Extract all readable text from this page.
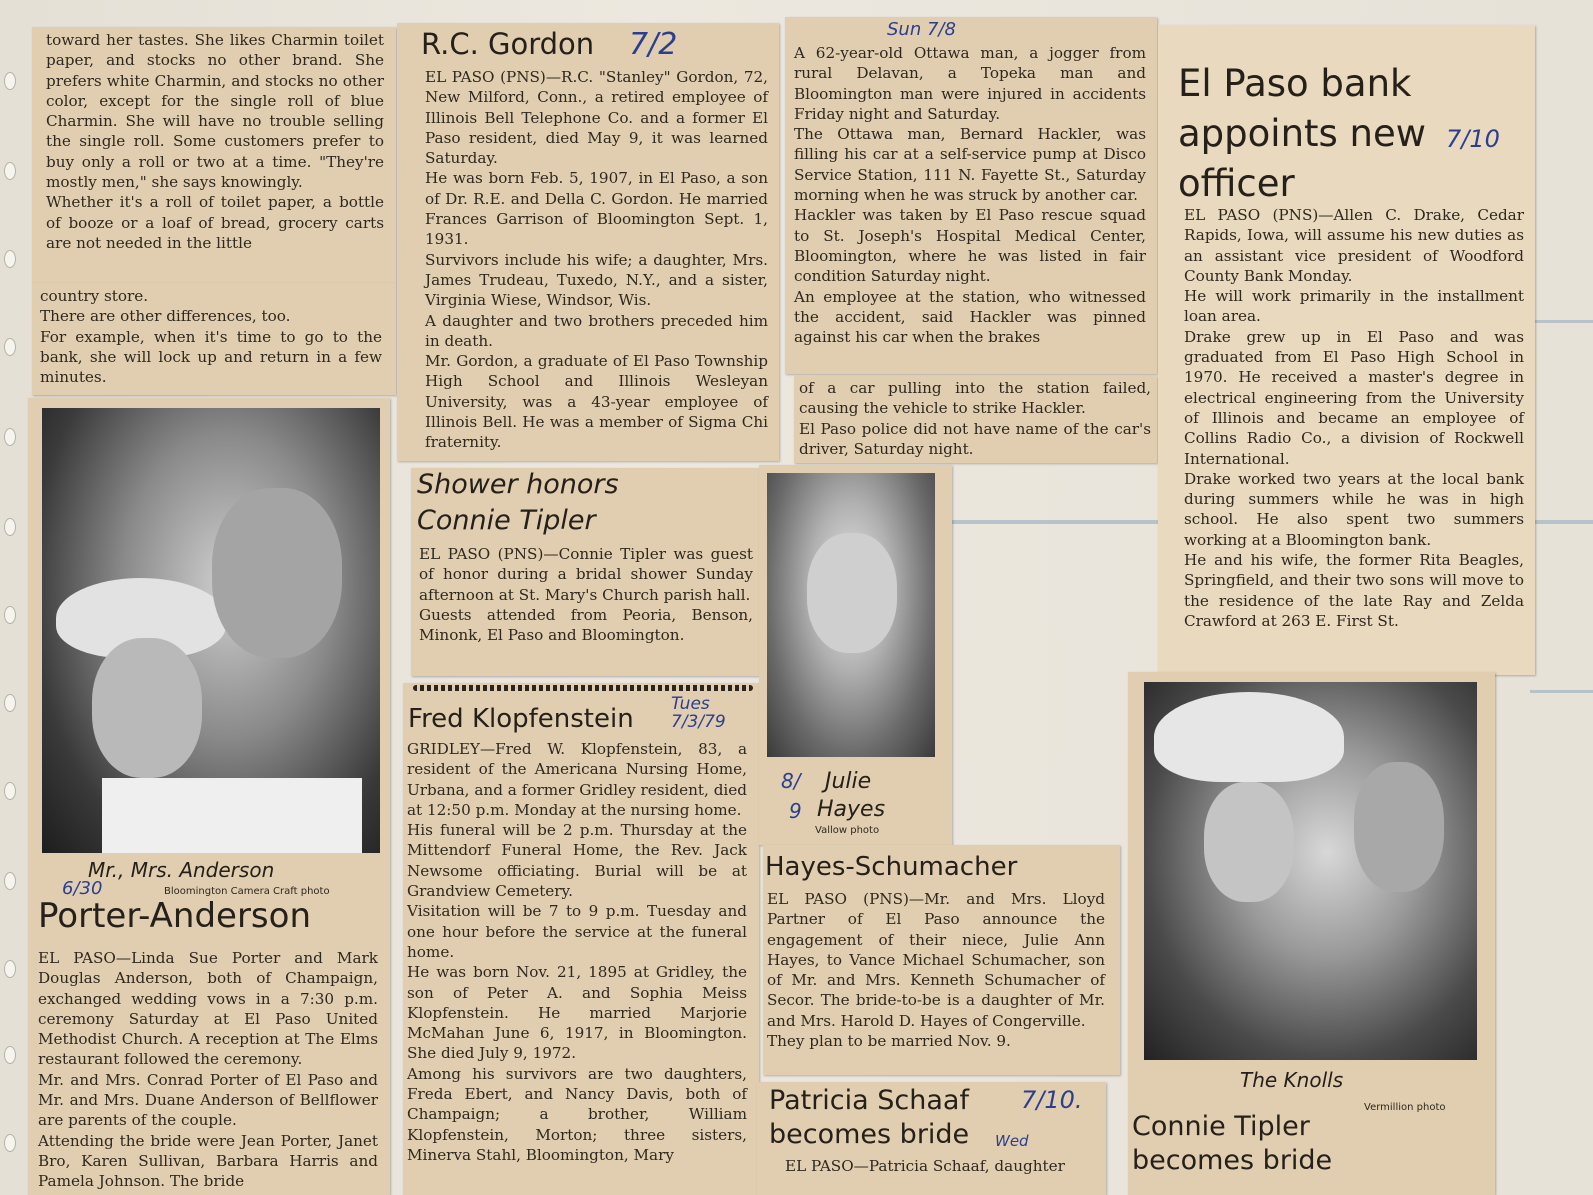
toward her tastes. She likes Charmin toilet paper, and stocks no other brand. She prefers white Charmin, and stocks no other color, except for the single roll of blue Charmin. She will have no trouble selling the single roll. Some customers prefer to buy only a roll or two at a time. "They're mostly men," she says knowingly.
Whether it's a roll of toilet paper, a bottle of booze or a loaf of bread, grocery carts are not needed in the little

country store.
There are other differences, too.
For example, when it's time to go to the bank, she will lock up and return in a few minutes.

R.C. Gordon 7/2

EL PASO (PNS)—R.C. "Stanley" Gordon, 72, New Milford, Conn., a retired employee of Illinois Bell Telephone Co. and a former El Paso resident, died May 9, it was learned Saturday.
He was born Feb. 5, 1907, in El Paso, a son of Dr. R.E. and Della C. Gordon. He married Frances Garrison of Bloomington Sept. 1, 1931.
Survivors include his wife; a daughter, Mrs. James Trudeau, Tuxedo, N.Y., and a sister, Virginia Wiese, Windsor, Wis.
A daughter and two brothers preceded him in death.
Mr. Gordon, a graduate of El Paso Township High School and Illinois Wesleyan University, was a 43-year employee of Illinois Bell. He was a member of Sigma Chi fraternity.

Sun 7/8

A 62-year-old Ottawa man, a jogger from rural Delavan, a Topeka man and Bloomington man were injured in accidents Friday night and Saturday.
The Ottawa man, Bernard Hackler, was filling his car at a self-service pump at Disco Service Station, 111 N. Fayette St., Saturday morning when he was struck by another car.
Hackler was taken by El Paso rescue squad to St. Joseph's Hospital Medical Center, Bloomington, where he was listed in fair condition Saturday night.
An employee at the station, who witnessed the accident, said Hackler was pinned against his car when the brakes

of a car pulling into the station failed, causing the vehicle to strike Hackler.
El Paso police did not have name of the car's driver, Saturday night.

El Paso bank appoints new officer
7/10

EL PASO (PNS)—Allen C. Drake, Cedar Rapids, Iowa, will assume his new duties as an assistant vice president of Woodford County Bank Monday.
He will work primarily in the installment loan area.
Drake grew up in El Paso and was graduated from El Paso High School in 1970. He received a master's degree in electrical engineering from the University of Illinois and became an employee of Collins Radio Co., a division of Rockwell International.
Drake worked two years at the local bank during summers while he was in high school. He also spent two summers working at a Bloomington bank.
He and his wife, the former Rita Beagles, Springfield, and their two sons will move to the residence of the late Ray and Zelda Crawford at 263 E. First St.

Shower honors
Connie Tipler

EL PASO (PNS)—Connie Tipler was guest of honor during a bridal shower Sunday afternoon at St. Mary's Church parish hall.
Guests attended from Peoria, Benson, Minonk, El Paso and Bloomington.

Mr., Mrs. Anderson
Bloomington Camera Craft photo
6/30
Porter-Anderson

EL PASO—Linda Sue Porter and Mark Douglas Anderson, both of Champaign, exchanged wedding vows in a 7:30 p.m. ceremony Saturday at El Paso United Methodist Church. A reception at The Elms restaurant followed the ceremony.
Mr. and Mrs. Conrad Porter of El Paso and Mr. and Mrs. Duane Anderson of Bellflower are parents of the couple.
Attending the bride were Jean Porter, Janet Bro, Karen Sullivan, Barbara Harris and Pamela Johnson. The bride

Fred Klopfenstein Tues 7/3/79

GRIDLEY—Fred W. Klopfenstein, 83, a resident of the Americana Nursing Home, Urbana, and a former Gridley resident, died at 12:50 p.m. Monday at the nursing home.
His funeral will be 2 p.m. Thursday at the Mittendorf Funeral Home, the Rev. Jack Newsome officiating. Burial will be at Grandview Cemetery.
Visitation will be 7 to 9 p.m. Tuesday and one hour before the service at the funeral home.
He was born Nov. 21, 1895 at Gridley, the son of Peter A. and Sophia Meiss Klopfenstein. He married Marjorie McMahan June 6, 1917, in Bloomington. She died July 9, 1972.
Among his survivors are two daughters, Freda Ebert, and Nancy Davis, both of Champaign; a brother, William Klopfenstein, Morton; three sisters, Minerva Stahl, Bloomington, Mary

8/
9
Julie
Hayes
Vallow photo
Hayes-Schumacher

EL PASO (PNS)—Mr. and Mrs. Lloyd Partner of El Paso announce the engagement of their niece, Julie Ann Hayes, to Vance Michael Schumacher, son of Mr. and Mrs. Kenneth Schumacher of Secor. The bride-to-be is a daughter of Mr. and Mrs. Harold D. Hayes of Congerville.
They plan to be married Nov. 9.

Patricia Schaaf
becomes bride
7/10.
Wed

EL PASO—Patricia Schaaf, daughter

The Knolls
Vermillion photo
Connie Tipler
becomes bride
